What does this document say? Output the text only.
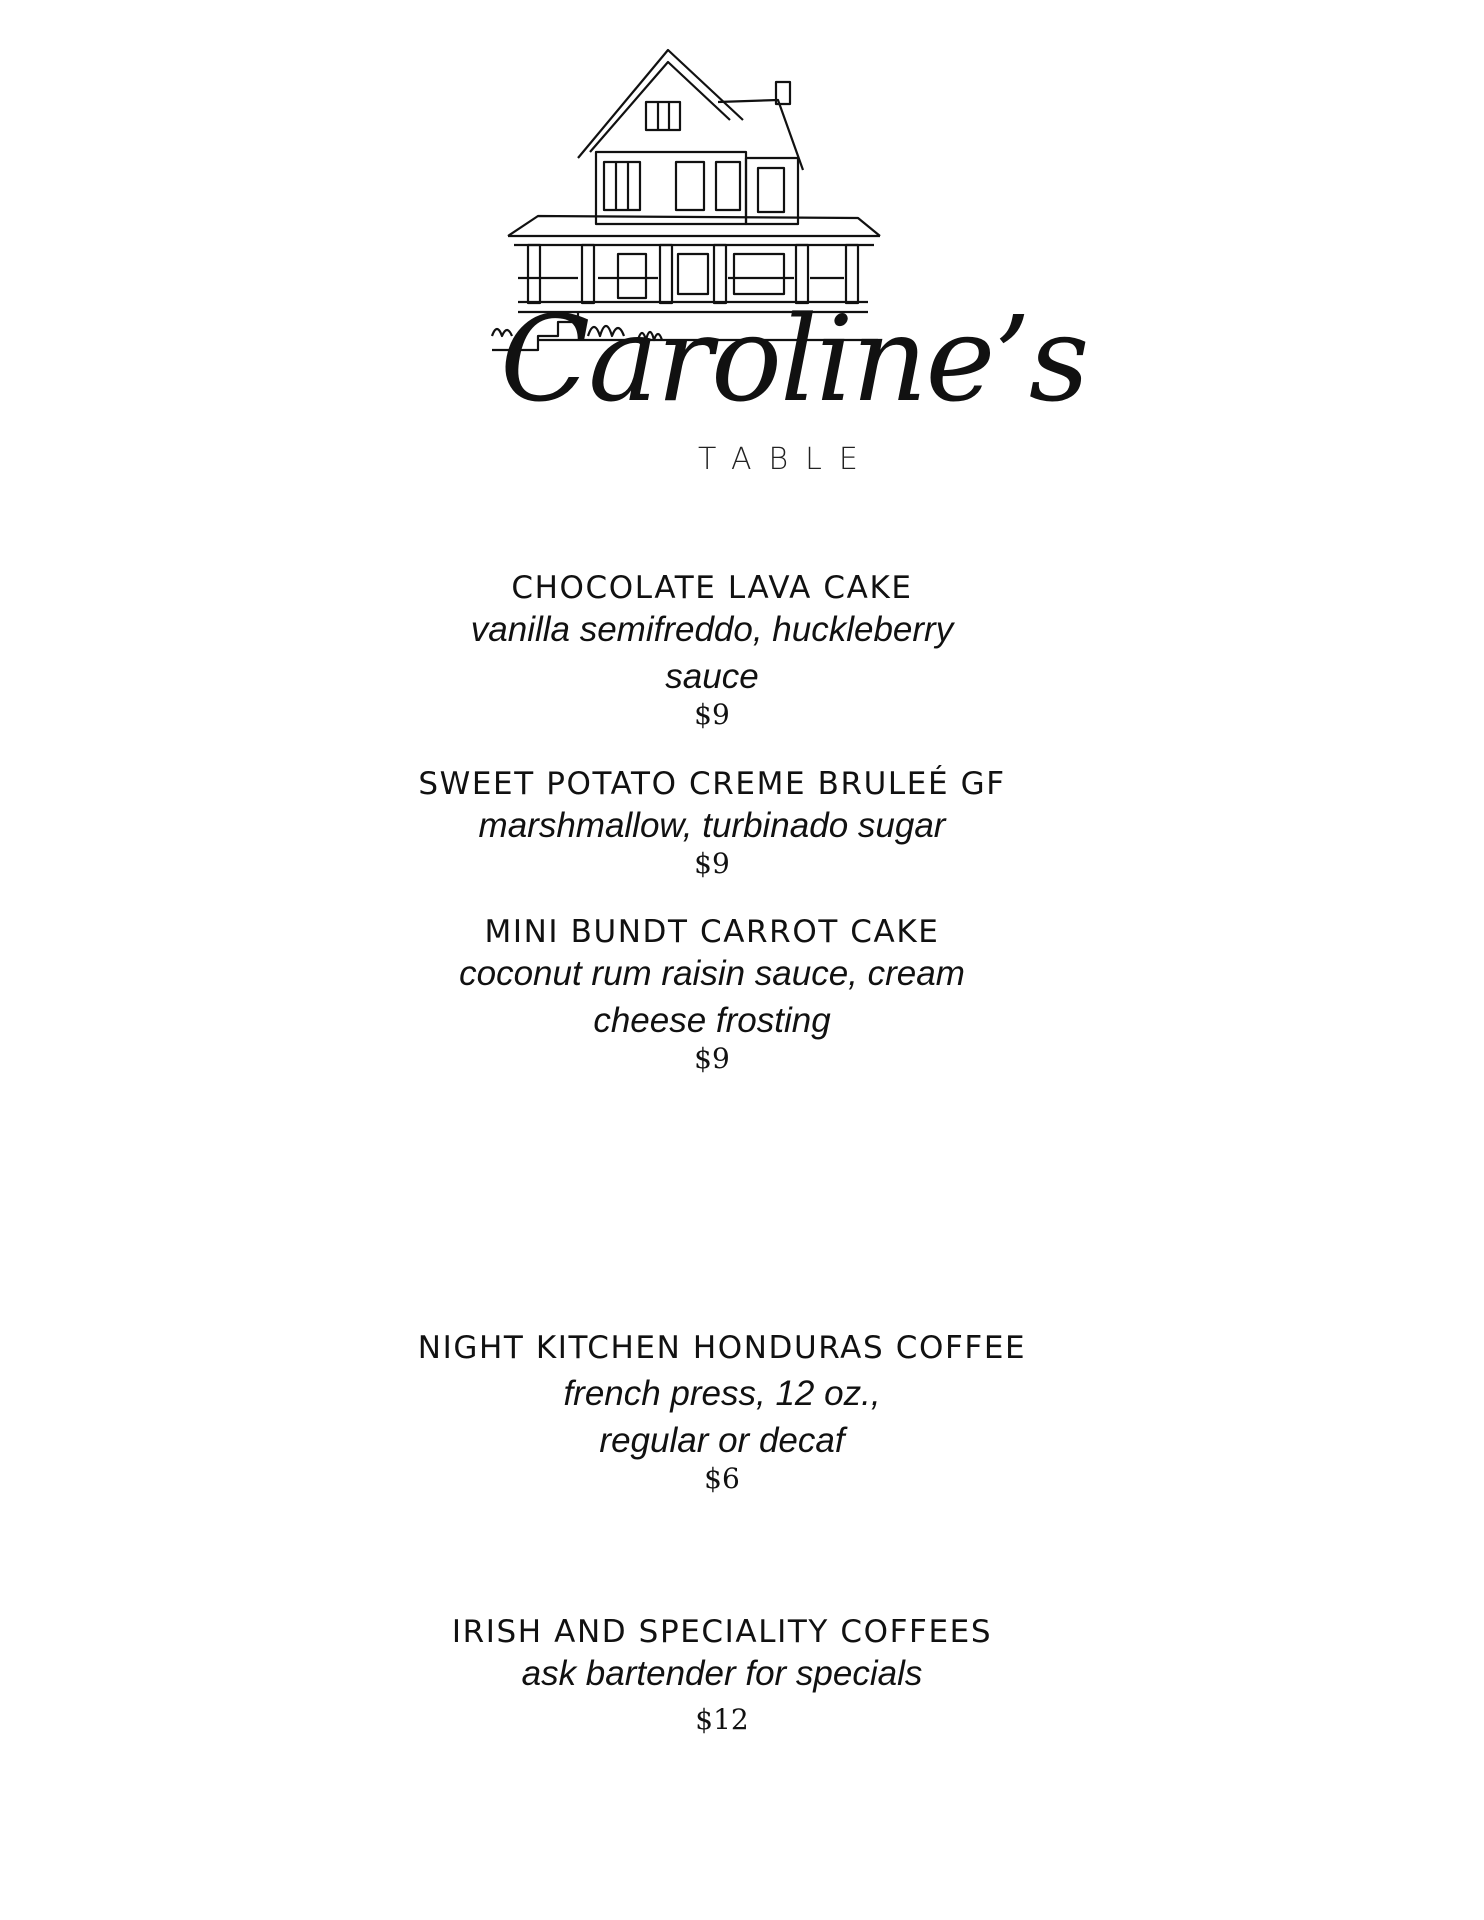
Caroline’s
TABLE
CHOCOLATE LAVA CAKE
vanilla semifreddo, huckleberry
sauce
$9
SWEET POTATO CREME BRULEÉ GF
marshmallow, turbinado sugar
$9
MINI BUNDT CARROT CAKE
coconut rum raisin sauce, cream
cheese frosting
$9
NIGHT KITCHEN HONDURAS COFFEE
french press, 12 oz.,
regular or decaf
$6
IRISH AND SPECIALITY COFFEES
ask bartender for specials
$12
